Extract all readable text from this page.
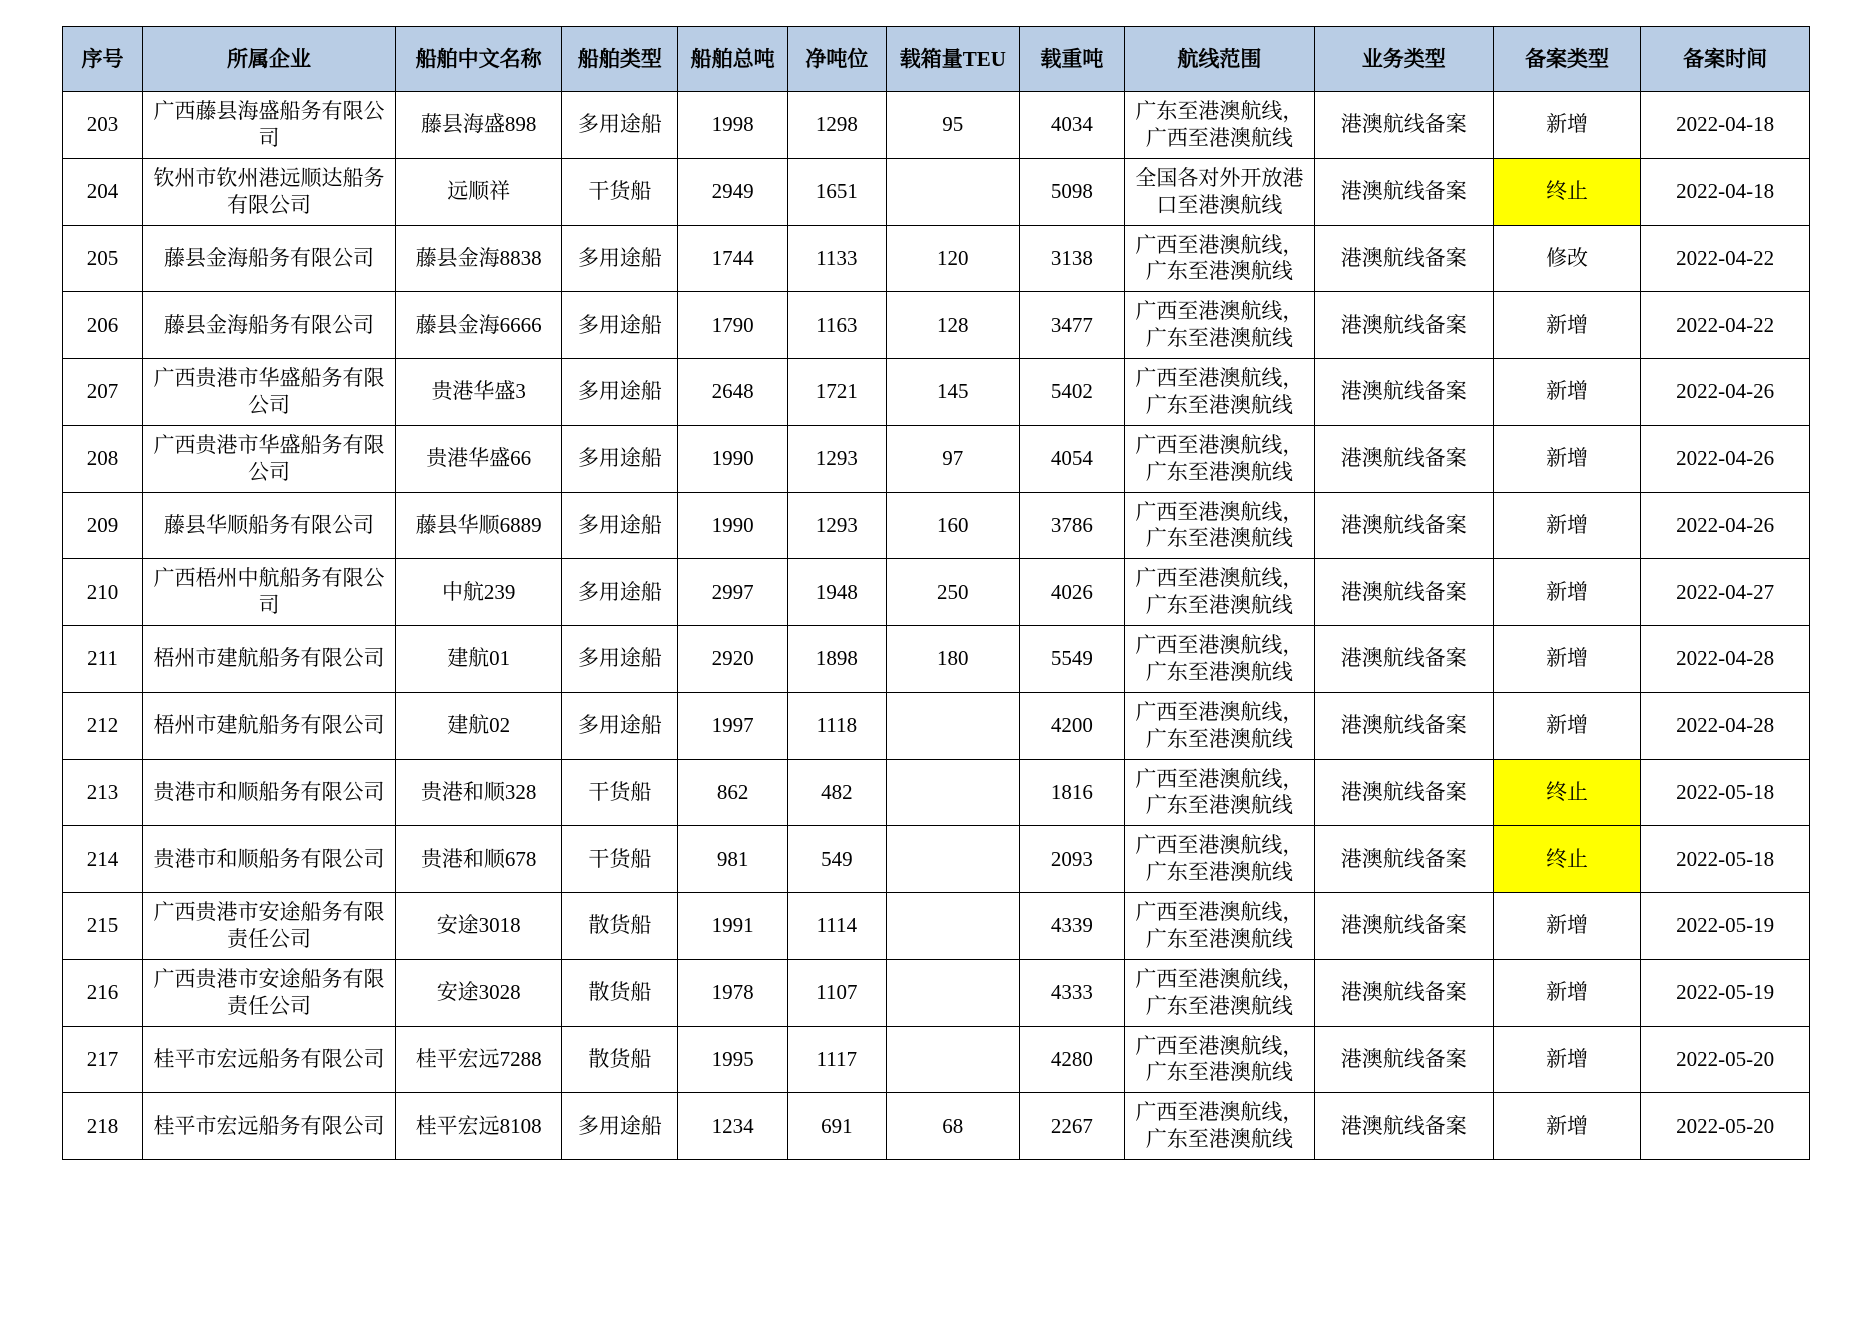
序号	所属企业	船舶中文名称	船舶类型	船舶总吨	净吨位	载箱量TEU	载重吨	航线范围	业务类型	备案类型	备案时间
203	广西藤县海盛船务有限公司	藤县海盛898	多用途船	1998	1298	95	4034	广东至港澳航线，广西至港澳航线	港澳航线备案	新增	2022-04-18
204	钦州市钦州港远顺达船务有限公司	远顺祥	干货船	2949	1651		5098	全国各对外开放港口至港澳航线	港澳航线备案	终止	2022-04-18
205	藤县金海船务有限公司	藤县金海8838	多用途船	1744	1133	120	3138	广西至港澳航线，广东至港澳航线	港澳航线备案	修改	2022-04-22
206	藤县金海船务有限公司	藤县金海6666	多用途船	1790	1163	128	3477	广西至港澳航线，广东至港澳航线	港澳航线备案	新增	2022-04-22
207	广西贵港市华盛船务有限公司	贵港华盛3	多用途船	2648	1721	145	5402	广西至港澳航线，广东至港澳航线	港澳航线备案	新增	2022-04-26
208	广西贵港市华盛船务有限公司	贵港华盛66	多用途船	1990	1293	97	4054	广西至港澳航线，广东至港澳航线	港澳航线备案	新增	2022-04-26
209	藤县华顺船务有限公司	藤县华顺6889	多用途船	1990	1293	160	3786	广西至港澳航线，广东至港澳航线	港澳航线备案	新增	2022-04-26
210	广西梧州中航船务有限公司	中航239	多用途船	2997	1948	250	4026	广西至港澳航线，广东至港澳航线	港澳航线备案	新增	2022-04-27
211	梧州市建航船务有限公司	建航01	多用途船	2920	1898	180	5549	广西至港澳航线，广东至港澳航线	港澳航线备案	新增	2022-04-28
212	梧州市建航船务有限公司	建航02	多用途船	1997	1118		4200	广西至港澳航线，广东至港澳航线	港澳航线备案	新增	2022-04-28
213	贵港市和顺船务有限公司	贵港和顺328	干货船	862	482		1816	广西至港澳航线，广东至港澳航线	港澳航线备案	终止	2022-05-18
214	贵港市和顺船务有限公司	贵港和顺678	干货船	981	549		2093	广西至港澳航线，广东至港澳航线	港澳航线备案	终止	2022-05-18
215	广西贵港市安途船务有限责任公司	安途3018	散货船	1991	1114		4339	广西至港澳航线，广东至港澳航线	港澳航线备案	新增	2022-05-19
216	广西贵港市安途船务有限责任公司	安途3028	散货船	1978	1107		4333	广西至港澳航线，广东至港澳航线	港澳航线备案	新增	2022-05-19
217	桂平市宏远船务有限公司	桂平宏远7288	散货船	1995	1117		4280	广西至港澳航线，广东至港澳航线	港澳航线备案	新增	2022-05-20
218	桂平市宏远船务有限公司	桂平宏远8108	多用途船	1234	691	68	2267	广西至港澳航线，广东至港澳航线	港澳航线备案	新增	2022-05-20
